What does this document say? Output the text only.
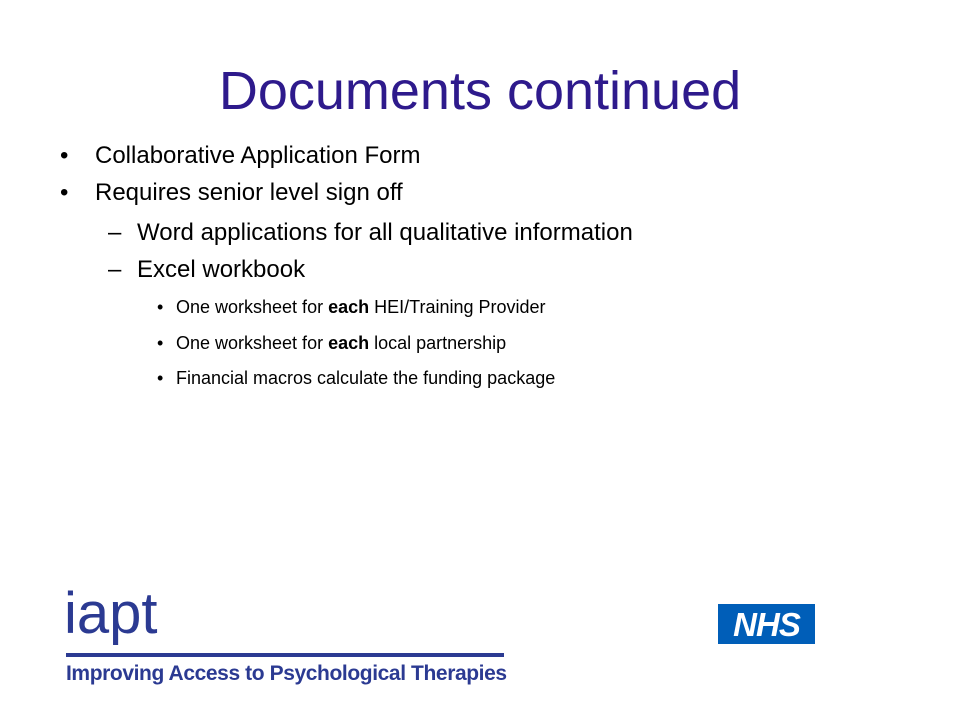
Documents continued
• Collaborative Application Form
• Requires senior level sign off
– Word applications for all qualitative information
– Excel workbook
• One worksheet for each HEI/Training Provider
• One worksheet for each local partnership
• Financial macros calculate the funding package
iapt
Improving Access to Psychological Therapies
NHS
